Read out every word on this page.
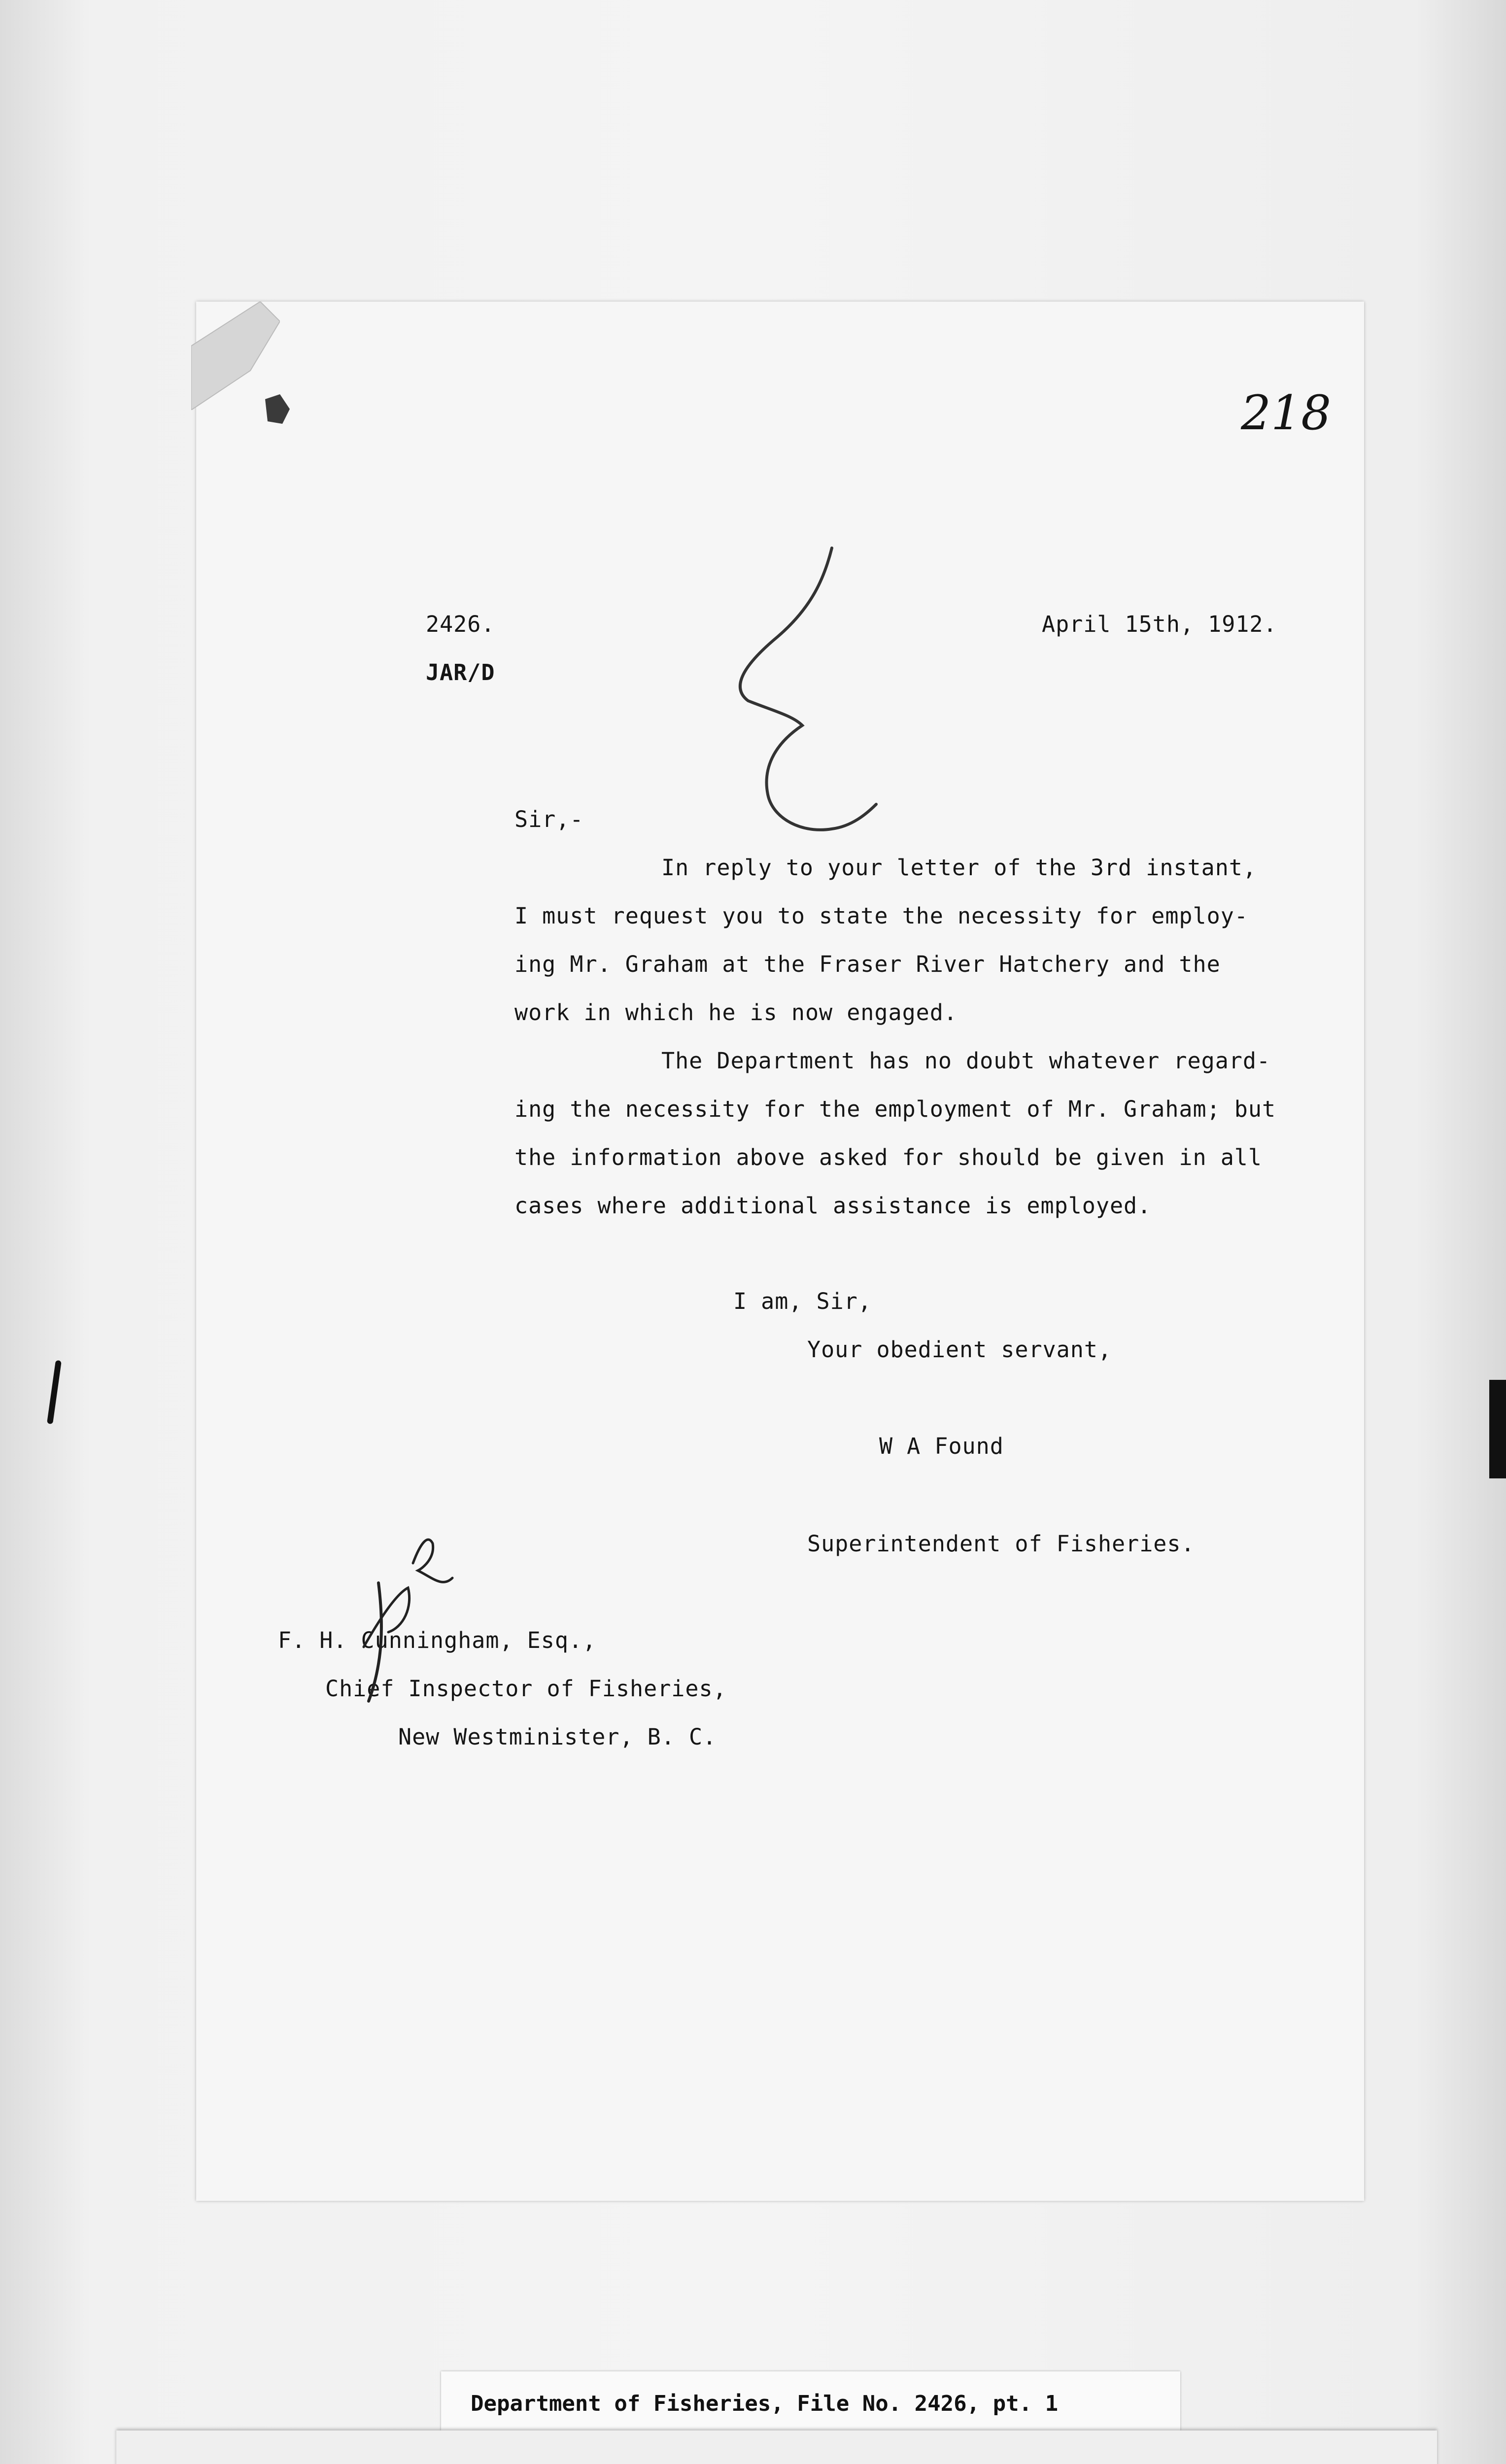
218
2426.
JAR/D
April 15th, 1912.
Sir,-
In reply to your letter of the 3rd instant,
I must request you to state the necessity for employ-
ing Mr. Graham at the Fraser River Hatchery and the
work in which he is now engaged.
The Department has no doubt whatever regard-
ing the necessity for the employment of Mr. Graham; but
the information above asked for should be given in all
cases where additional assistance is employed.
I am, Sir,
Your obedient servant,
W A Found
Superintendent of Fisheries.
F. H. Cunningham, Esq.,
Chief Inspector of Fisheries,
New Westminister, B. C.
Department of Fisheries, File No. 2426, pt. 1
